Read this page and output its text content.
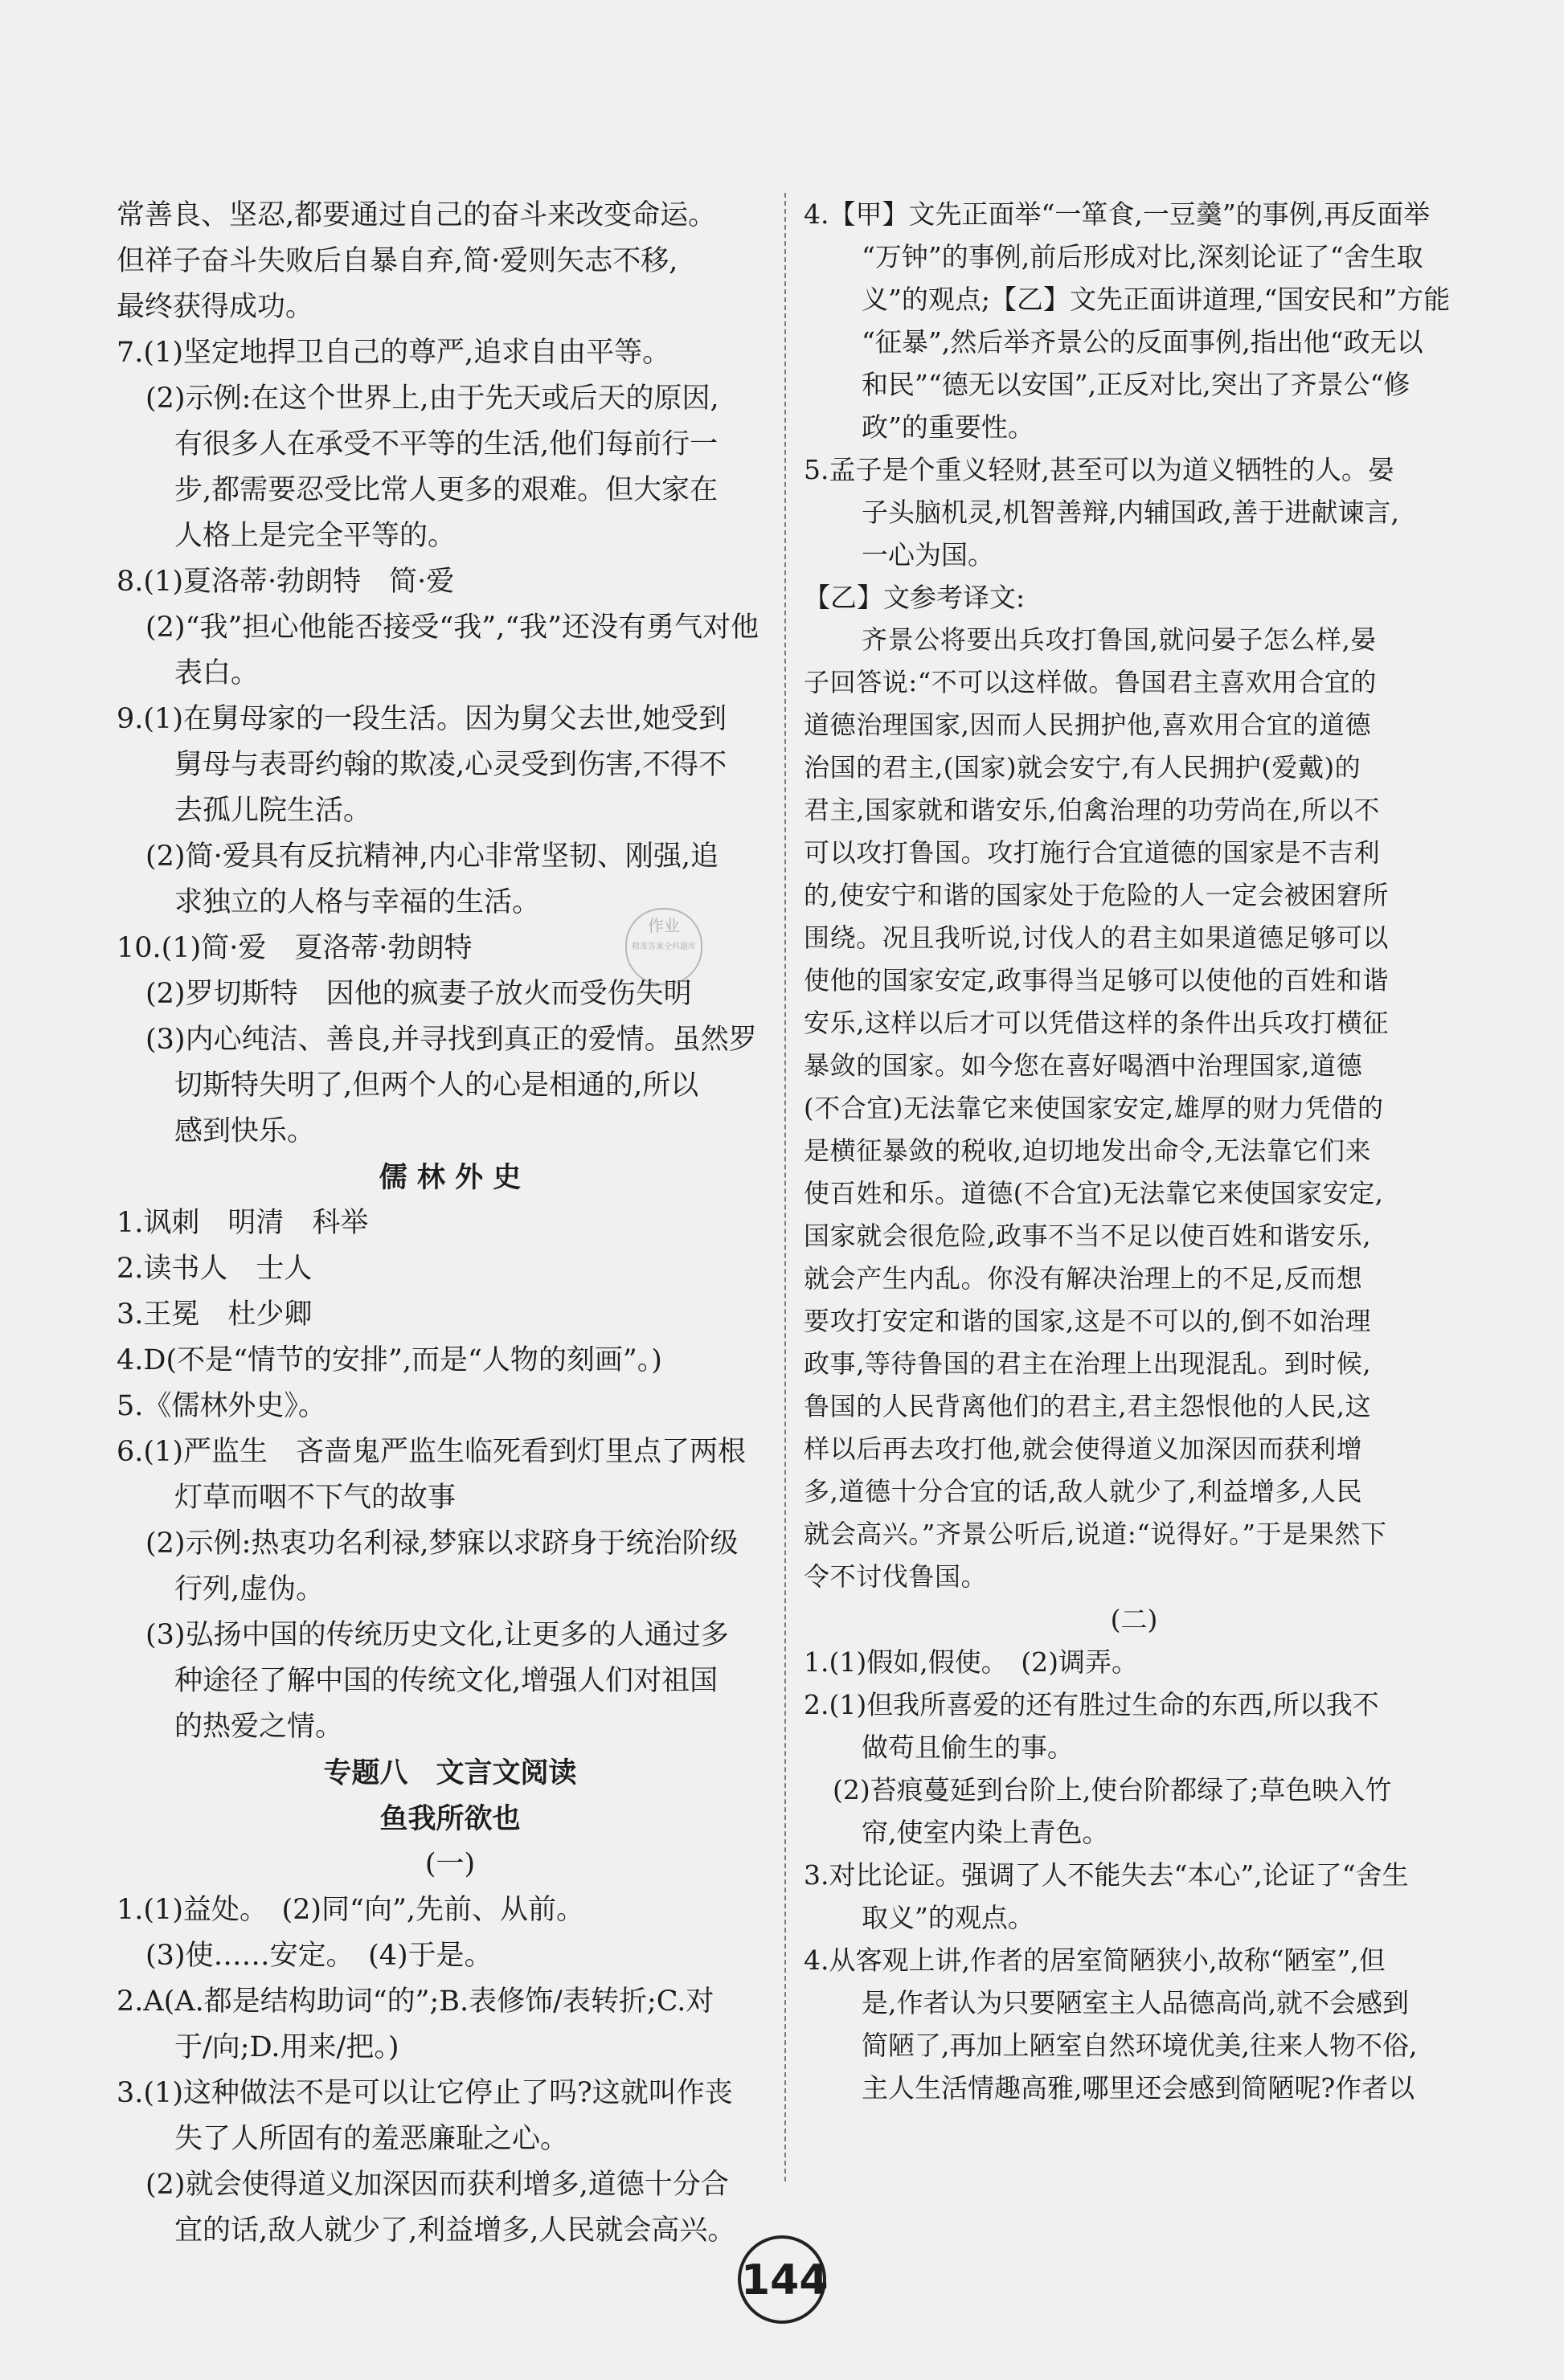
常善良、坚忍,都要通过自己的奋斗来改变命运。
但祥子奋斗失败后自暴自弃,简·爱则矢志不移,
最终获得成功。
7.(1)坚定地捍卫自己的尊严,追求自由平等。
(2)示例:在这个世界上,由于先天或后天的原因,
有很多人在承受不平等的生活,他们每前行一
步,都需要忍受比常人更多的艰难。但大家在
人格上是完全平等的。
8.(1)夏洛蒂·勃朗特　简·爱
(2)“我”担心他能否接受“我”,“我”还没有勇气对他
表白。
9.(1)在舅母家的一段生活。因为舅父去世,她受到
舅母与表哥约翰的欺凌,心灵受到伤害,不得不
去孤儿院生活。
(2)简·爱具有反抗精神,内心非常坚韧、刚强,追
求独立的人格与幸福的生活。
10.(1)简·爱　夏洛蒂·勃朗特
(2)罗切斯特　因他的疯妻子放火而受伤失明
(3)内心纯洁、善良,并寻找到真正的爱情。虽然罗
切斯特失明了,但两个人的心是相通的,所以
感到快乐。
儒 林 外 史
1.讽刺　明清　科举
2.读书人　士人
3.王冕　杜少卿
4.D(不是“情节的安排”,而是“人物的刻画”。)
5.《儒林外史》。
6.(1)严监生　吝啬鬼严监生临死看到灯里点了两根
灯草而咽不下气的故事
(2)示例:热衷功名利禄,梦寐以求跻身于统治阶级
行列,虚伪。
(3)弘扬中国的传统历史文化,让更多的人通过多
种途径了解中国的传统文化,增强人们对祖国
的热爱之情。
专题八　文言文阅读
鱼我所欲也
(一)
1.(1)益处。　(2)同“向”,先前、从前。
(3)使……安定。　(4)于是。
2.A(A.都是结构助词“的”;B.表修饰/表转折;C.对
于/向;D.用来/把。)
3.(1)这种做法不是可以让它停止了吗?这就叫作丧
失了人所固有的羞恶廉耻之心。
(2)就会使得道义加深因而获利增多,道德十分合
宜的话,敌人就少了,利益增多,人民就会高兴。
4.【甲】文先正面举“一箪食,一豆羹”的事例,再反面举
“万钟”的事例,前后形成对比,深刻论证了“舍生取
义”的观点;【乙】文先正面讲道理,“国安民和”方能
“征暴”,然后举齐景公的反面事例,指出他“政无以
和民”“德无以安国”,正反对比,突出了齐景公“修
政”的重要性。
5.孟子是个重义轻财,甚至可以为道义牺牲的人。晏
子头脑机灵,机智善辩,内辅国政,善于进献谏言,
一心为国。
【乙】文参考译文:
齐景公将要出兵攻打鲁国,就问晏子怎么样,晏
子回答说:“不可以这样做。鲁国君主喜欢用合宜的
道德治理国家,因而人民拥护他,喜欢用合宜的道德
治国的君主,(国家)就会安宁,有人民拥护(爱戴)的
君主,国家就和谐安乐,伯禽治理的功劳尚在,所以不
可以攻打鲁国。攻打施行合宜道德的国家是不吉利
的,使安宁和谐的国家处于危险的人一定会被困窘所
围绕。况且我听说,讨伐人的君主如果道德足够可以
使他的国家安定,政事得当足够可以使他的百姓和谐
安乐,这样以后才可以凭借这样的条件出兵攻打横征
暴敛的国家。如今您在喜好喝酒中治理国家,道德
(不合宜)无法靠它来使国家安定,雄厚的财力凭借的
是横征暴敛的税收,迫切地发出命令,无法靠它们来
使百姓和乐。道德(不合宜)无法靠它来使国家安定,
国家就会很危险,政事不当不足以使百姓和谐安乐,
就会产生内乱。你没有解决治理上的不足,反而想
要攻打安定和谐的国家,这是不可以的,倒不如治理
政事,等待鲁国的君主在治理上出现混乱。到时候,
鲁国的人民背离他们的君主,君主怨恨他的人民,这
样以后再去攻打他,就会使得道义加深因而获利增
多,道德十分合宜的话,敌人就少了,利益增多,人民
就会高兴。”齐景公听后,说道:“说得好。”于是果然下
令不讨伐鲁国。
(二)
1.(1)假如,假使。　(2)调弄。
2.(1)但我所喜爱的还有胜过生命的东西,所以我不
做苟且偷生的事。
(2)苔痕蔓延到台阶上,使台阶都绿了;草色映入竹
帘,使室内染上青色。
3.对比论证。强调了人不能失去“本心”,论证了“舍生
取义”的观点。
4.从客观上讲,作者的居室简陋狭小,故称“陋室”,但
是,作者认为只要陋室主人品德高尚,就不会感到
简陋了,再加上陋室自然环境优美,往来人物不俗,
主人生活情趣高雅,哪里还会感到简陋呢?作者以
作业
精准答案全科题库
144
